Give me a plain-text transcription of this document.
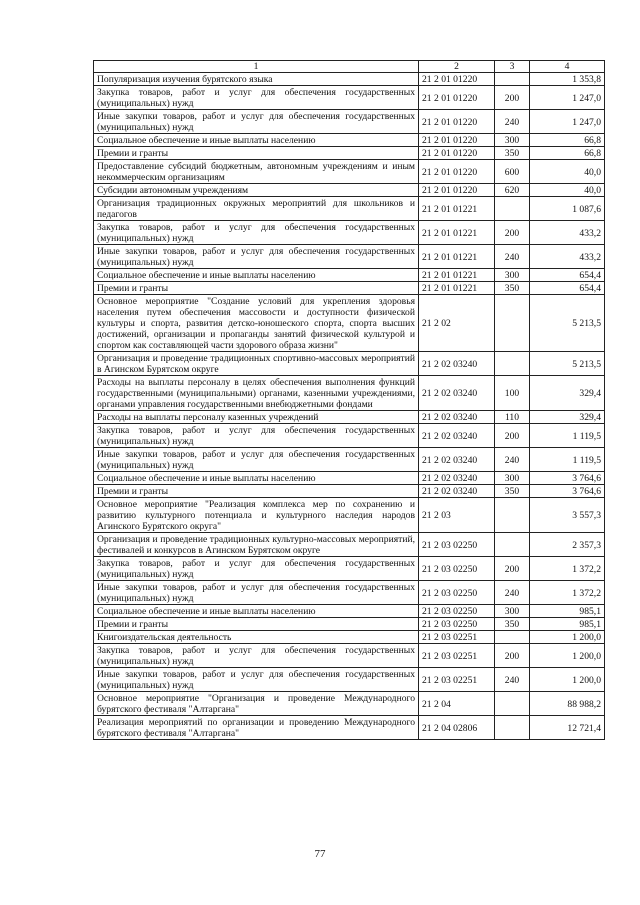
1	2	3	4
Популяризация изучения бурятского языка	21 2 01 01220		1 353,8
Закупка товаров, работ и услуг для обеспечения государственных (муниципальных) нужд	21 2 01 01220	200	1 247,0
Иные закупки товаров, работ и услуг для обеспечения государственных (муниципальных) нужд	21 2 01 01220	240	1 247,0
Социальное обеспечение и иные выплаты населению	21 2 01 01220	300	66,8
Премии и гранты	21 2 01 01220	350	66,8
Предоставление субсидий бюджетным, автономным учреждениям и иным некоммерческим организациям	21 2 01 01220	600	40,0
Субсидии автономным учреждениям	21 2 01 01220	620	40,0
Организация традиционных окружных мероприятий для школьников и педагогов	21 2 01 01221		1 087,6
Закупка товаров, работ и услуг для обеспечения государственных (муниципальных) нужд	21 2 01 01221	200	433,2
Иные закупки товаров, работ и услуг для обеспечения государственных (муниципальных) нужд	21 2 01 01221	240	433,2
Социальное обеспечение и иные выплаты населению	21 2 01 01221	300	654,4
Премии и гранты	21 2 01 01221	350	654,4
Основное мероприятие "Создание условий для укрепления здоровья населения путем обеспечения массовости и доступности физической культуры и спорта, развития детско-юношеского спорта, спорта высших достижений, организации и пропаганды занятий физической культурой и спортом как составляющей части здорового образа жизни"	21 2 02		5 213,5
Организация и проведение традиционных спортивно-массовых мероприятий в Агинском Бурятском округе	21 2 02 03240		5 213,5
Расходы на выплаты персоналу в целях обеспечения выполнения функций государственными (муниципальными) органами, казенными учреждениями, органами управления государственными внебюджетными фондами	21 2 02 03240	100	329,4
Расходы на выплаты персоналу казенных учреждений	21 2 02 03240	110	329,4
Закупка товаров, работ и услуг для обеспечения государственных (муниципальных) нужд	21 2 02 03240	200	1 119,5
Иные закупки товаров, работ и услуг для обеспечения государственных (муниципальных) нужд	21 2 02 03240	240	1 119,5
Социальное обеспечение и иные выплаты населению	21 2 02 03240	300	3 764,6
Премии и гранты	21 2 02 03240	350	3 764,6
Основное мероприятие "Реализация комплекса мер по сохранению и развитию культурного потенциала и культурного наследия народов Агинского Бурятского округа"	21 2 03		3 557,3
Организация и проведение традиционных культурно-массовых мероприятий, фестивалей и конкурсов в Агинском Бурятском округе	21 2 03 02250		2 357,3
Закупка товаров, работ и услуг для обеспечения государственных (муниципальных) нужд	21 2 03 02250	200	1 372,2
Иные закупки товаров, работ и услуг для обеспечения государственных (муниципальных) нужд	21 2 03 02250	240	1 372,2
Социальное обеспечение и иные выплаты населению	21 2 03 02250	300	985,1
Премии и гранты	21 2 03 02250	350	985,1
Книгоиздательская деятельность	21 2 03 02251		1 200,0
Закупка товаров, работ и услуг для обеспечения государственных (муниципальных) нужд	21 2 03 02251	200	1 200,0
Иные закупки товаров, работ и услуг для обеспечения государственных (муниципальных) нужд	21 2 03 02251	240	1 200,0
Основное мероприятие "Организация и проведение Международного бурятского фестиваля "Алтаргана"	21 2 04		88 988,2
Реализация мероприятий по организации и проведению Международного бурятского фестиваля "Алтаргана"	21 2 04 02806		12 721,4
77
